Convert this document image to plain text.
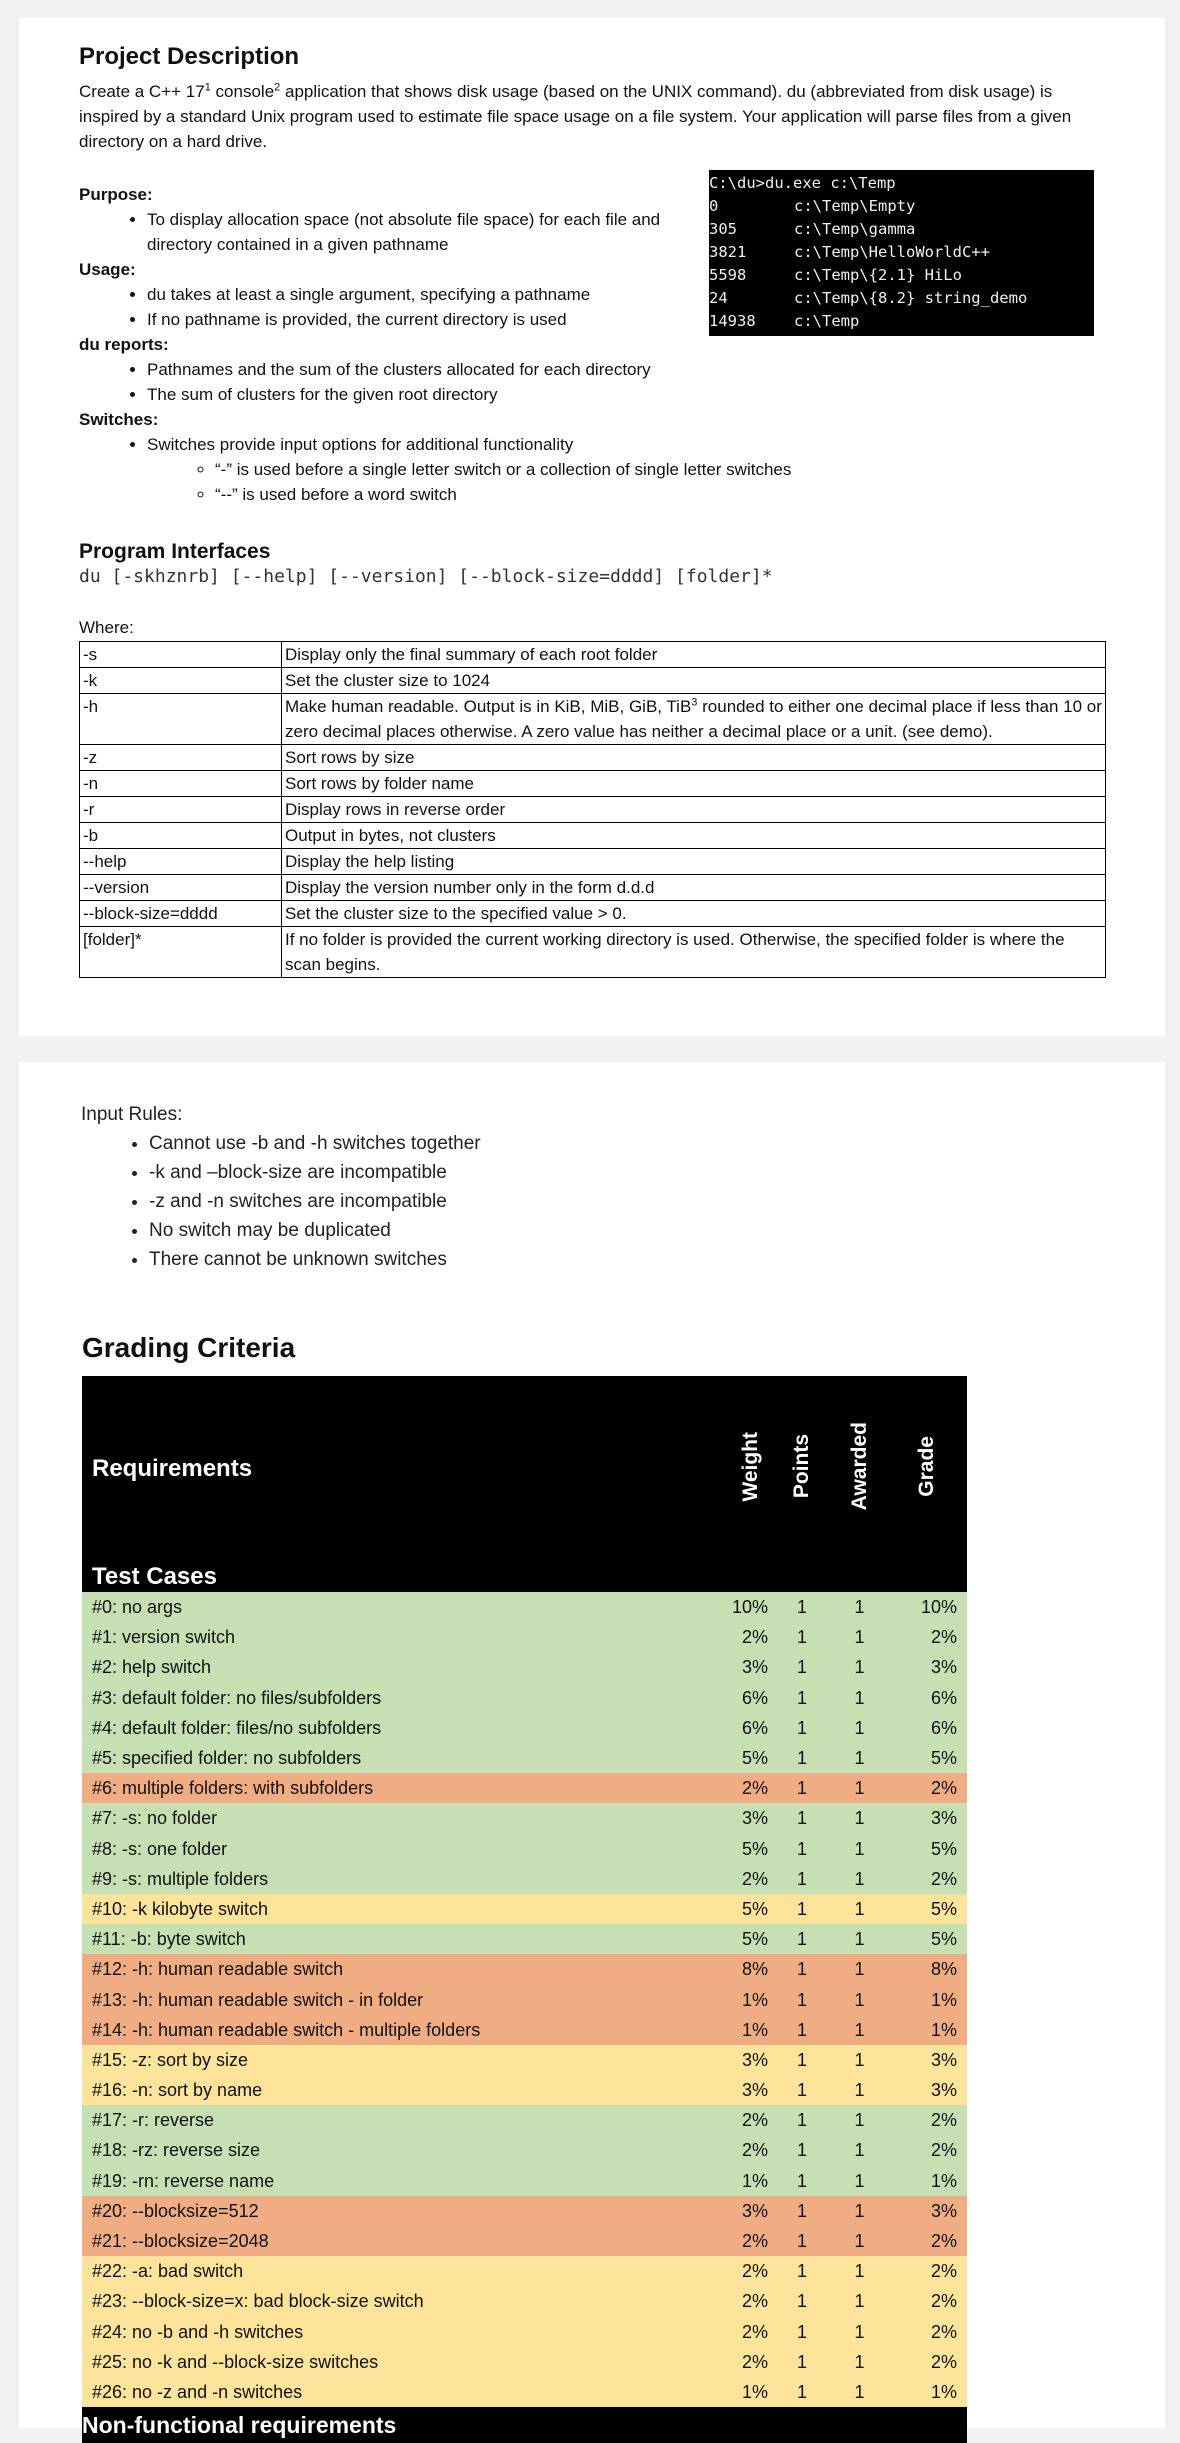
Project Description
Create a $C++ 17^1$ console$^2$ application that shows disk usage (based on the UNIX command). du (abbreviated from disk usage) is inspired by a standard Unix program used to estimate file space usage on a file system. Your application will parse files from a given directory on a hard drive.
Purpose:
• To display allocation space (not absolute file space) for each file and directory contained in a given pathname
Usage:
• du takes at least a single argument, specifying a pathname
• If no pathname is provided, the current directory is used
du reports:
• Pathnames and the sum of the clusters allocated for each directory
• The sum of clusters for the given root directory
Switches:
• Switches provide input options for additional functionality
◦ “-” is used before a single letter switch or a collection of single letter switches
◦ “--” is used before a word switch
C:\du>du.exe c:\Temp
0	c:\Temp\Empty
305	c:\Temp\gamma
3821	c:\Temp\HelloWorldC++
5598	c:\Temp\{2.1} HiLo
24	c:\Temp\{8.2} string_demo
14938 c:\Temp
Program Interfaces
du [-skhznrb] [--help] [--version] [--block-size=dddd] [folder]*
Where:
-s	Display only the final summary of each root folder
-k	Set the cluster size to 1024
-h	Make human readable. Output is in KiB, MiB, GiB, TiB$^3$ rounded to either one decimal place if less than 10 or zero decimal places otherwise. A zero value has neither a decimal place or a unit. (see demo).
-z	Sort rows by size
-n	Sort rows by folder name
-r	Display rows in reverse order
-b	Output in bytes, not clusters
--help	Display the help listing
--version	Display the version number only in the form d.d.d
--block-size=dddd	Set the cluster size to the specified value > 0.
[folder]*	If no folder is provided the current working directory is used. Otherwise, the specified folder is where the scan begins.
Input Rules:
• Cannot use -b and -h switches together
• -k and –block-size are incompatible
• -z and -n switches are incompatible
• No switch may be duplicated
• There cannot be unknown switches
Grading Criteria
Requirements	Weight	Points	Awarded	Grade
Test Cases				
#0: no args	10%	1	1	10%
#1: version switch	2%	1	1	2%
#2: help switch	3%	1	1	3%
#3: default folder: no files/subfolders	6%	1	1	6%
#4: default folder: files/no subfolders	6%	1	1	6%
#5: specified folder: no subfolders	5%	1	1	5%
#6: multiple folders: with subfolders	2%	1	1	2%
#7: -s: no folder	3%	1	1	3%
#8: -s: one folder	5%	1	1	5%
#9: -s: multiple folders	2%	1	1	2%
#10: -k kilobyte switch	5%	1	1	5%
#11: -b: byte switch	5%	1	1	5%
#12: -h: human readable switch	8%	1	1	8%
#13: -h: human readable switch - in folder	1%	1	1	1%
#14: -h: human readable switch - multiple folders	1%	1	1	1%
#15: -z: sort by size	3%	1	1	3%
#16: -n: sort by name	3%	1	1	3%
#17: -r: reverse	2%	1	1	2%
#18: -rz: reverse size	2%	1	1	2%
#19: -rn: reverse name	1%	1	1	1%
#20: --blocksize=512	3%	1	1	3%
#21: --blocksize=2048	2%	1	1	2%
#22: -a: bad switch	2%	1	1	2%
#23: --block-size=x: bad block-size switch	2%	1	1	2%
#24: no -b and -h switches	2%	1	1	2%
#25: no -k and --block-size switches	2%	1	1	2%
#26: no -z and -n switches	1%	1	1	1%
Non-functional requirements				
